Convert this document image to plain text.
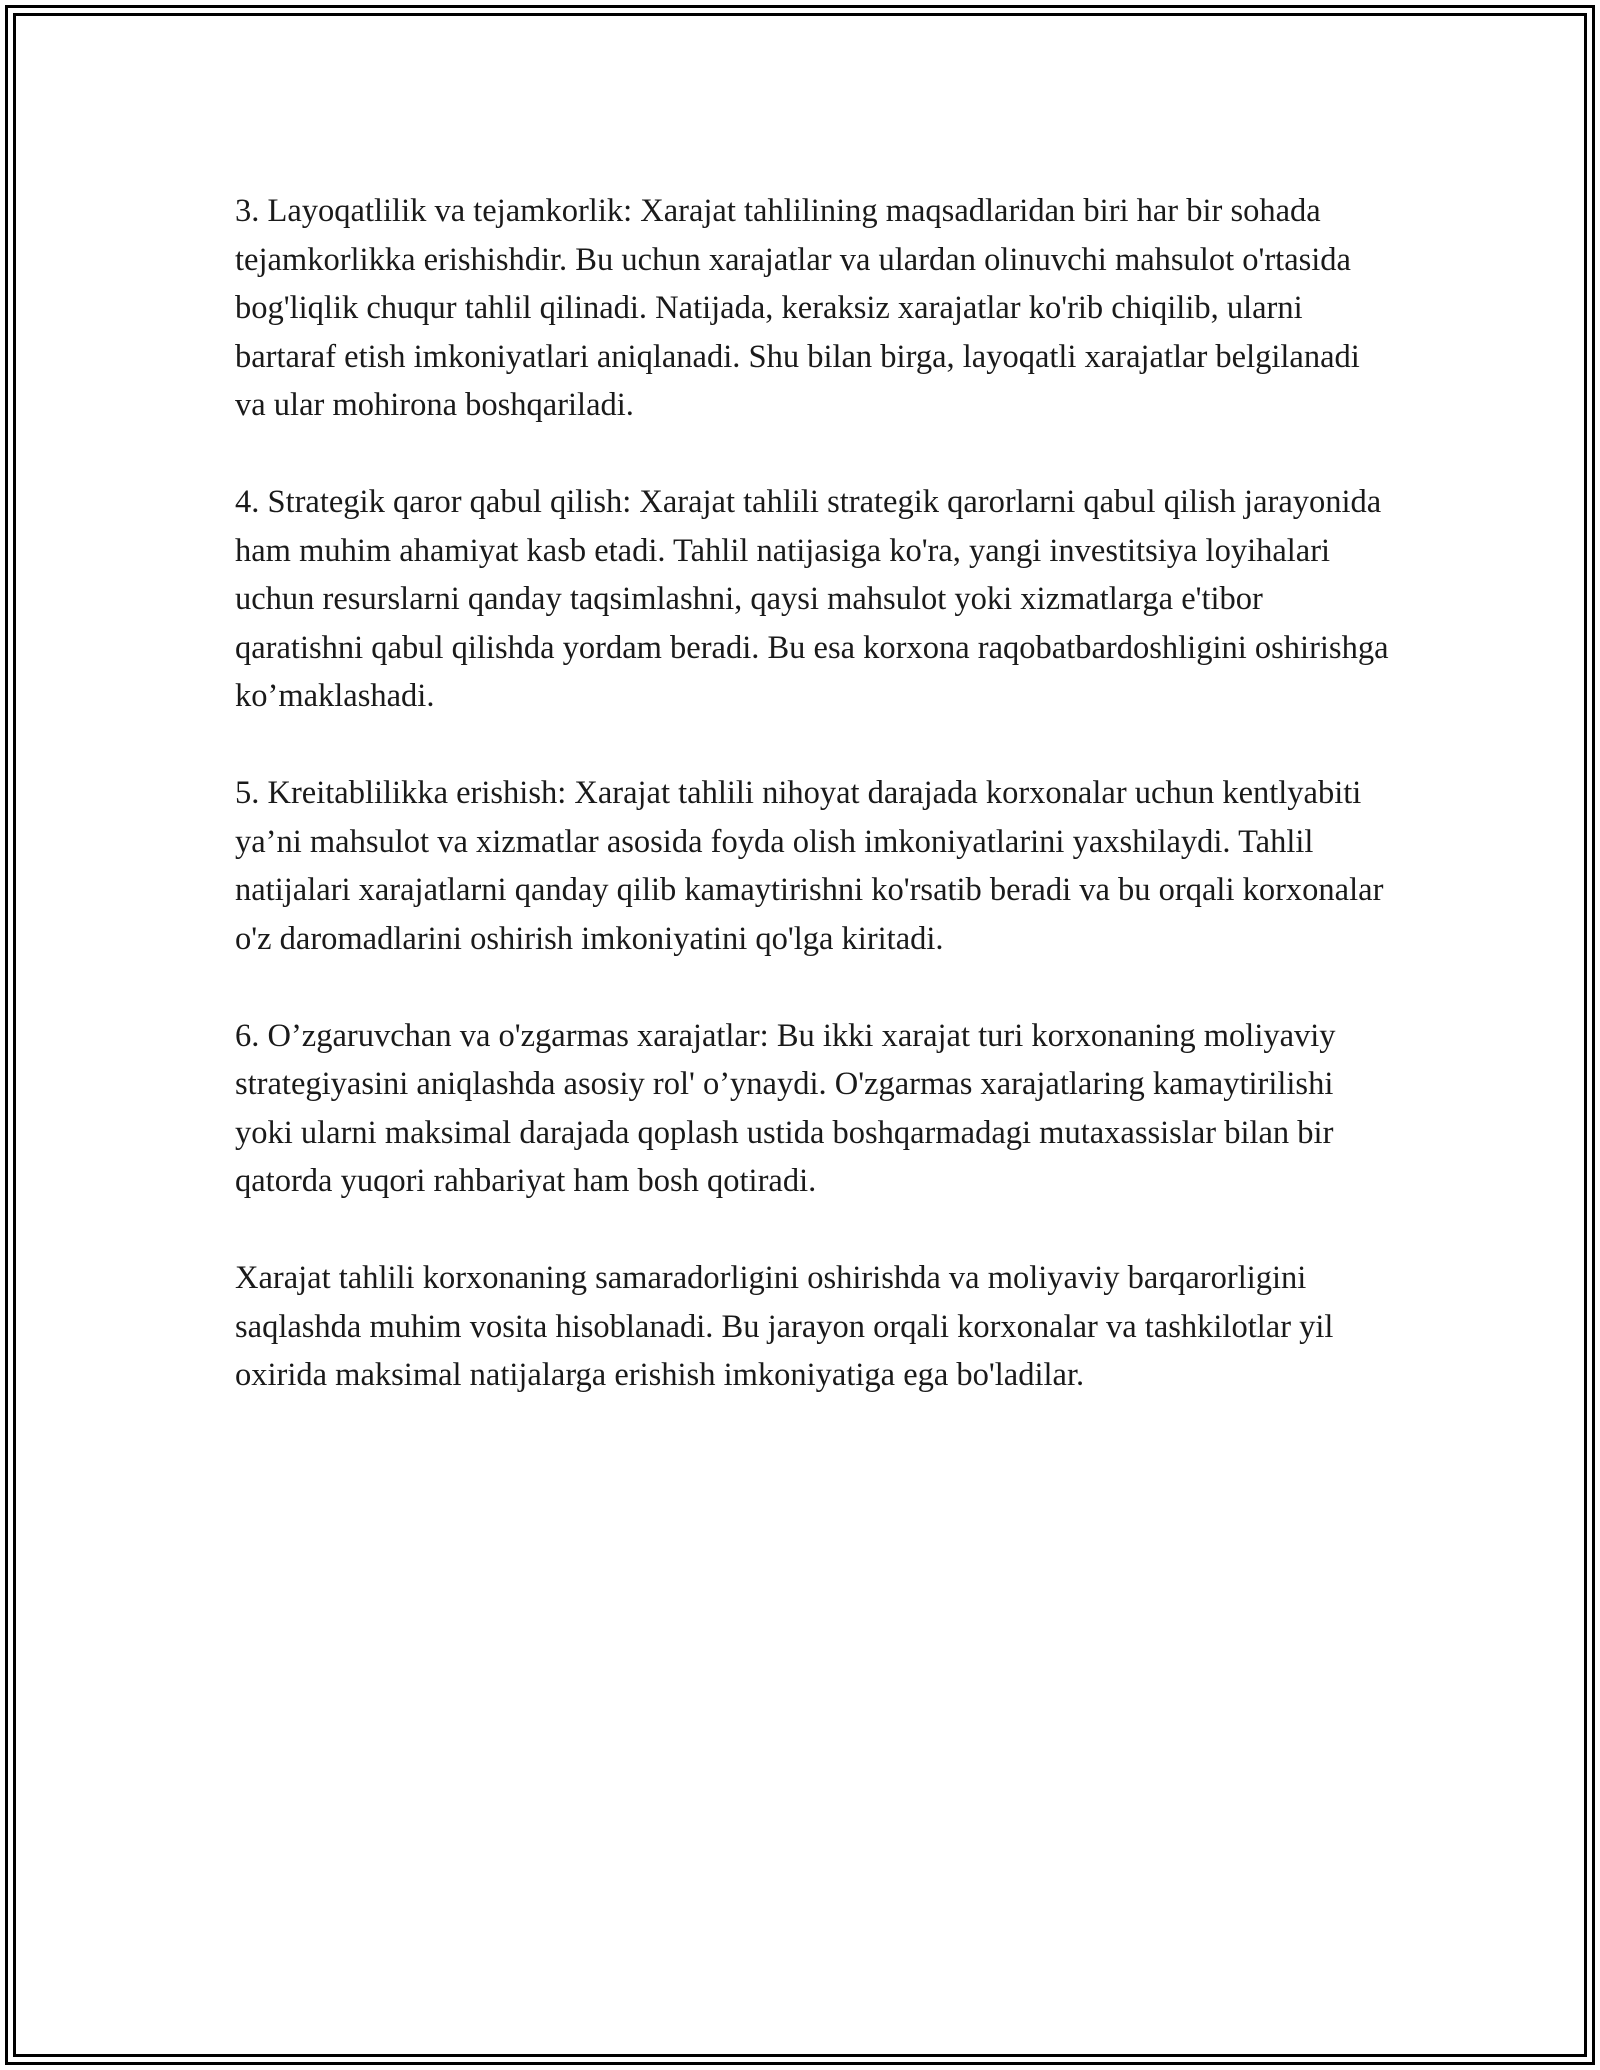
3. Layoqatlilik va tejamkorlik: Xarajat tahlilining maqsadlaridan biri har bir sohada tejamkorlikka erishishdir. Bu uchun xarajatlar va ulardan olinuvchi mahsulot o'rtasida bog'liqlik chuqur tahlil qilinadi. Natijada, keraksiz xarajatlar ko'rib chiqilib, ularni bartaraf etish imkoniyatlari aniqlanadi. Shu bilan birga, layoqatli xarajatlar belgilanadi va ular mohirona boshqariladi.

4. Strategik qaror qabul qilish: Xarajat tahlili strategik qarorlarni qabul qilish jarayonida ham muhim ahamiyat kasb etadi. Tahlil natijasiga ko'ra, yangi investitsiya loyihalari uchun resurslarni qanday taqsimlashni, qaysi mahsulot yoki xizmatlarga e'tibor qaratishni qabul qilishda yordam beradi. Bu esa korxona raqobatbardoshligini oshirishga ko’maklashadi.

5. Kreitablilikka erishish: Xarajat tahlili nihoyat darajada korxonalar uchun kentlyabiti ya’ni mahsulot va xizmatlar asosida foyda olish imkoniyatlarini yaxshilaydi. Tahlil natijalari xarajatlarni qanday qilib kamaytirishni ko'rsatib beradi va bu orqali korxonalar o'z daromadlarini oshirish imkoniyatini qo'lga kiritadi.

6. O’zgaruvchan va o'zgarmas xarajatlar: Bu ikki xarajat turi korxonaning moliyaviy strategiyasini aniqlashda asosiy rol' o’ynaydi. O'zgarmas xarajatlaring kamaytirilishi yoki ularni maksimal darajada qoplash ustida boshqarmadagi mutaxassislar bilan bir qatorda yuqori rahbariyat ham bosh qotiradi.

Xarajat tahlili korxonaning samaradorligini oshirishda va moliyaviy barqarorligini saqlashda muhim vosita hisoblanadi. Bu jarayon orqali korxonalar va tashkilotlar yil oxirida maksimal natijalarga erishish imkoniyatiga ega bo'ladilar.
